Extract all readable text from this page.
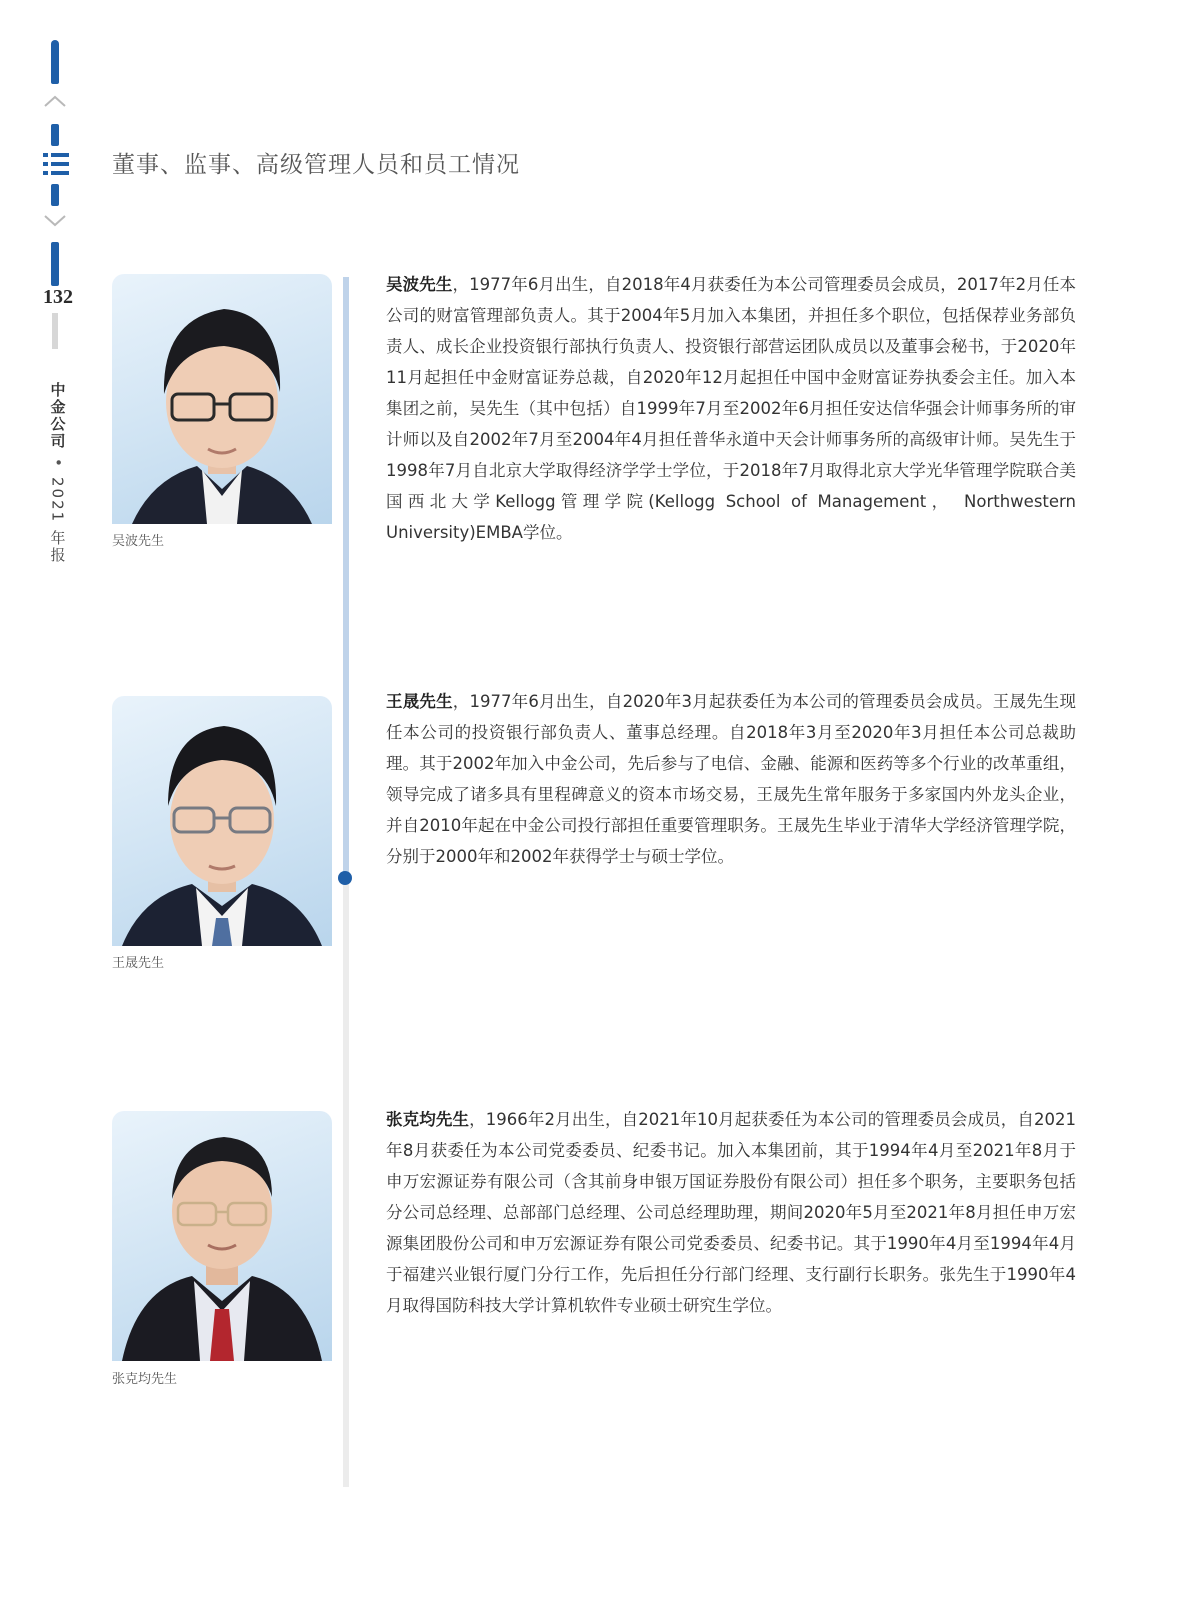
132
中金公司
•
2021 年报
董事、监事、高级管理人员和员工情况
吴波先生
吴波先生，1977年6月出生，自2018年4月获委任为本公司管理委员会成员，2017年2月任本公司的财富管理部负责人。其于2004年5月加入本集团，并担任多个职位，包括保荐业务部负责人、成长企业投资银行部执行负责人、投资银行部营运团队成员以及董事会秘书，于2020年11月起担任中金财富证券总裁，自2020年12月起担任中国中金财富证券执委会主任。加入本集团之前，吴先生（其中包括）自1999年7月至2002年6月担任安达信华强会计师事务所的审计师以及自2002年7月至2004年4月担任普华永道中天会计师事务所的高级审计师。吴先生于1998年7月自北京大学取得经济学学士学位，于2018年7月取得北京大学光华管理学院联合美国西北大学Kellogg管理学院(Kellogg School of Management， Northwestern University)EMBA学位。
王晟先生
王晟先生，1977年6月出生，自2020年3月起获委任为本公司的管理委员会成员。王晟先生现任本公司的投资银行部负责人、董事总经理。自2018年3月至2020年3月担任本公司总裁助理。其于2002年加入中金公司，先后参与了电信、金融、能源和医药等多个行业的改革重组，领导完成了诸多具有里程碑意义的资本市场交易，王晟先生常年服务于多家国内外龙头企业，并自2010年起在中金公司投行部担任重要管理职务。王晟先生毕业于清华大学经济管理学院，分别于2000年和2002年获得学士与硕士学位。
张克均先生
张克均先生，1966年2月出生，自2021年10月起获委任为本公司的管理委员会成员，自2021年8月获委任为本公司党委委员、纪委书记。加入本集团前，其于1994年4月至2021年8月于申万宏源证券有限公司（含其前身申银万国证券股份有限公司）担任多个职务，主要职务包括分公司总经理、总部部门总经理、公司总经理助理，期间2020年5月至2021年8月担任申万宏源集团股份公司和申万宏源证券有限公司党委委员、纪委书记。其于1990年4月至1994年4月于福建兴业银行厦门分行工作，先后担任分行部门经理、支行副行长职务。张先生于1990年4月取得国防科技大学计算机软件专业硕士研究生学位。
